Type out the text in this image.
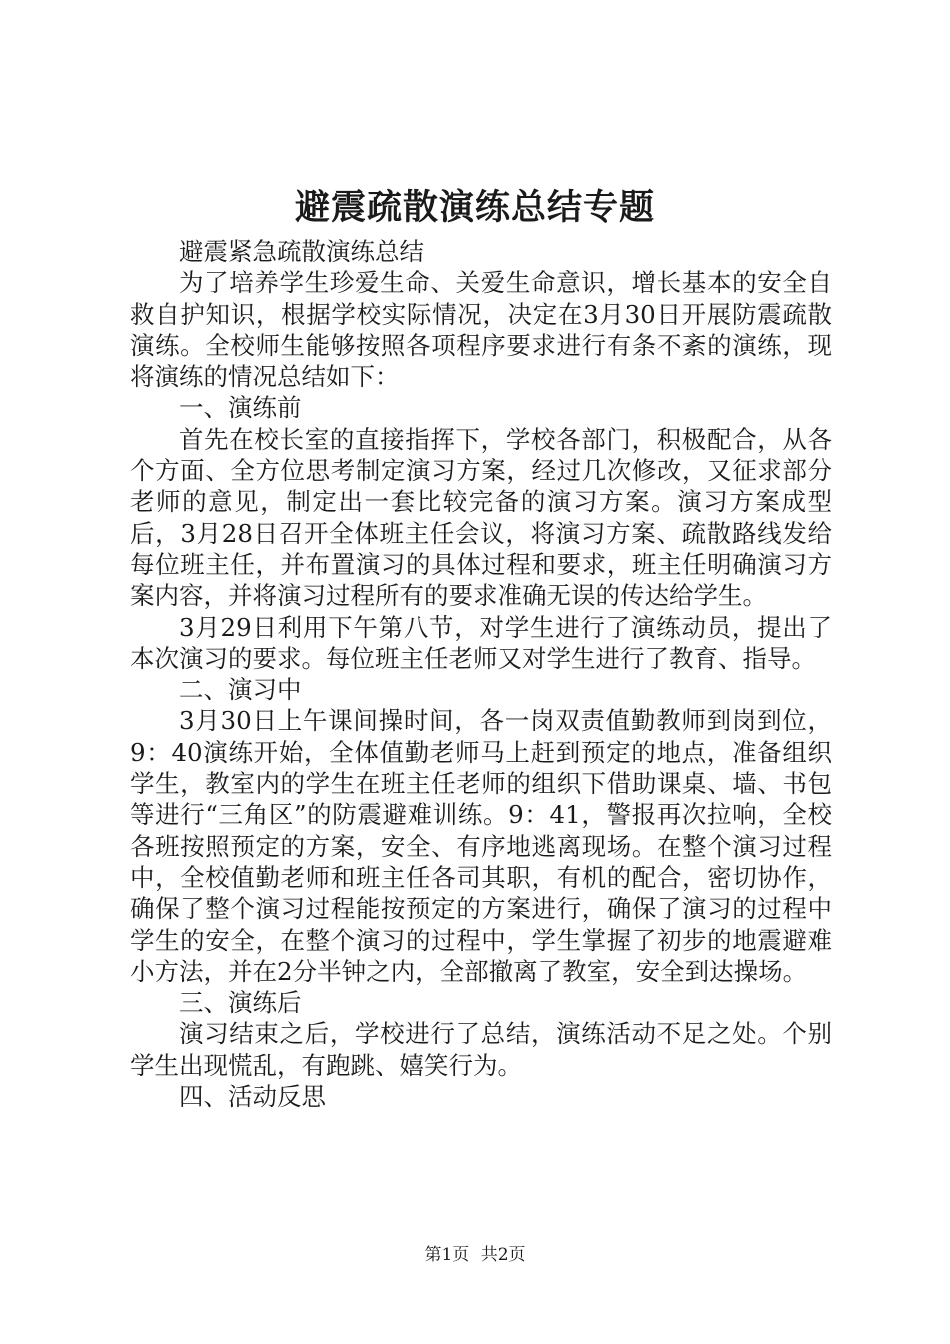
避震疏散演练总结专题

避震紧急疏散演练总结

为了培养学生珍爱生命、关爱生命意识，增长基本的安全自救自护知识，根据学校实际情况，决定在3月30日开展防震疏散演练。全校师生能够按照各项程序要求进行有条不紊的演练，现将演练的情况总结如下：

一、演练前

首先在校长室的直接指挥下，学校各部门，积极配合，从各个方面、全方位思考制定演习方案，经过几次修改，又征求部分老师的意见，制定出一套比较完备的演习方案。演习方案成型后，3月28日召开全体班主任会议，将演习方案、疏散路线发给每位班主任，并布置演习的具体过程和要求，班主任明确演习方案内容，并将演习过程所有的要求准确无误的传达给学生。

3月29日利用下午第八节，对学生进行了演练动员，提出了本次演习的要求。每位班主任老师又对学生进行了教育、指导。

二、演习中

3月30日上午课间操时间，各一岗双责值勤教师到岗到位，9：40演练开始，全体值勤老师马上赶到预定的地点，准备组织学生，教室内的学生在班主任老师的组织下借助课桌、墙、书包等进行“三角区”的防震避难训练。9：41，警报再次拉响，全校各班按照预定的方案，安全、有序地逃离现场。在整个演习过程中，全校值勤老师和班主任各司其职，有机的配合，密切协作，确保了整个演习过程能按预定的方案进行，确保了演习的过程中学生的安全，在整个演习的过程中，学生掌握了初步的地震避难小方法，并在2分半钟之内，全部撤离了教室，安全到达操场。

三、演练后

演习结束之后，学校进行了总结，演练活动不足之处。个别学生出现慌乱，有跑跳、嬉笑行为。

四、活动反思

第1页 共2页
